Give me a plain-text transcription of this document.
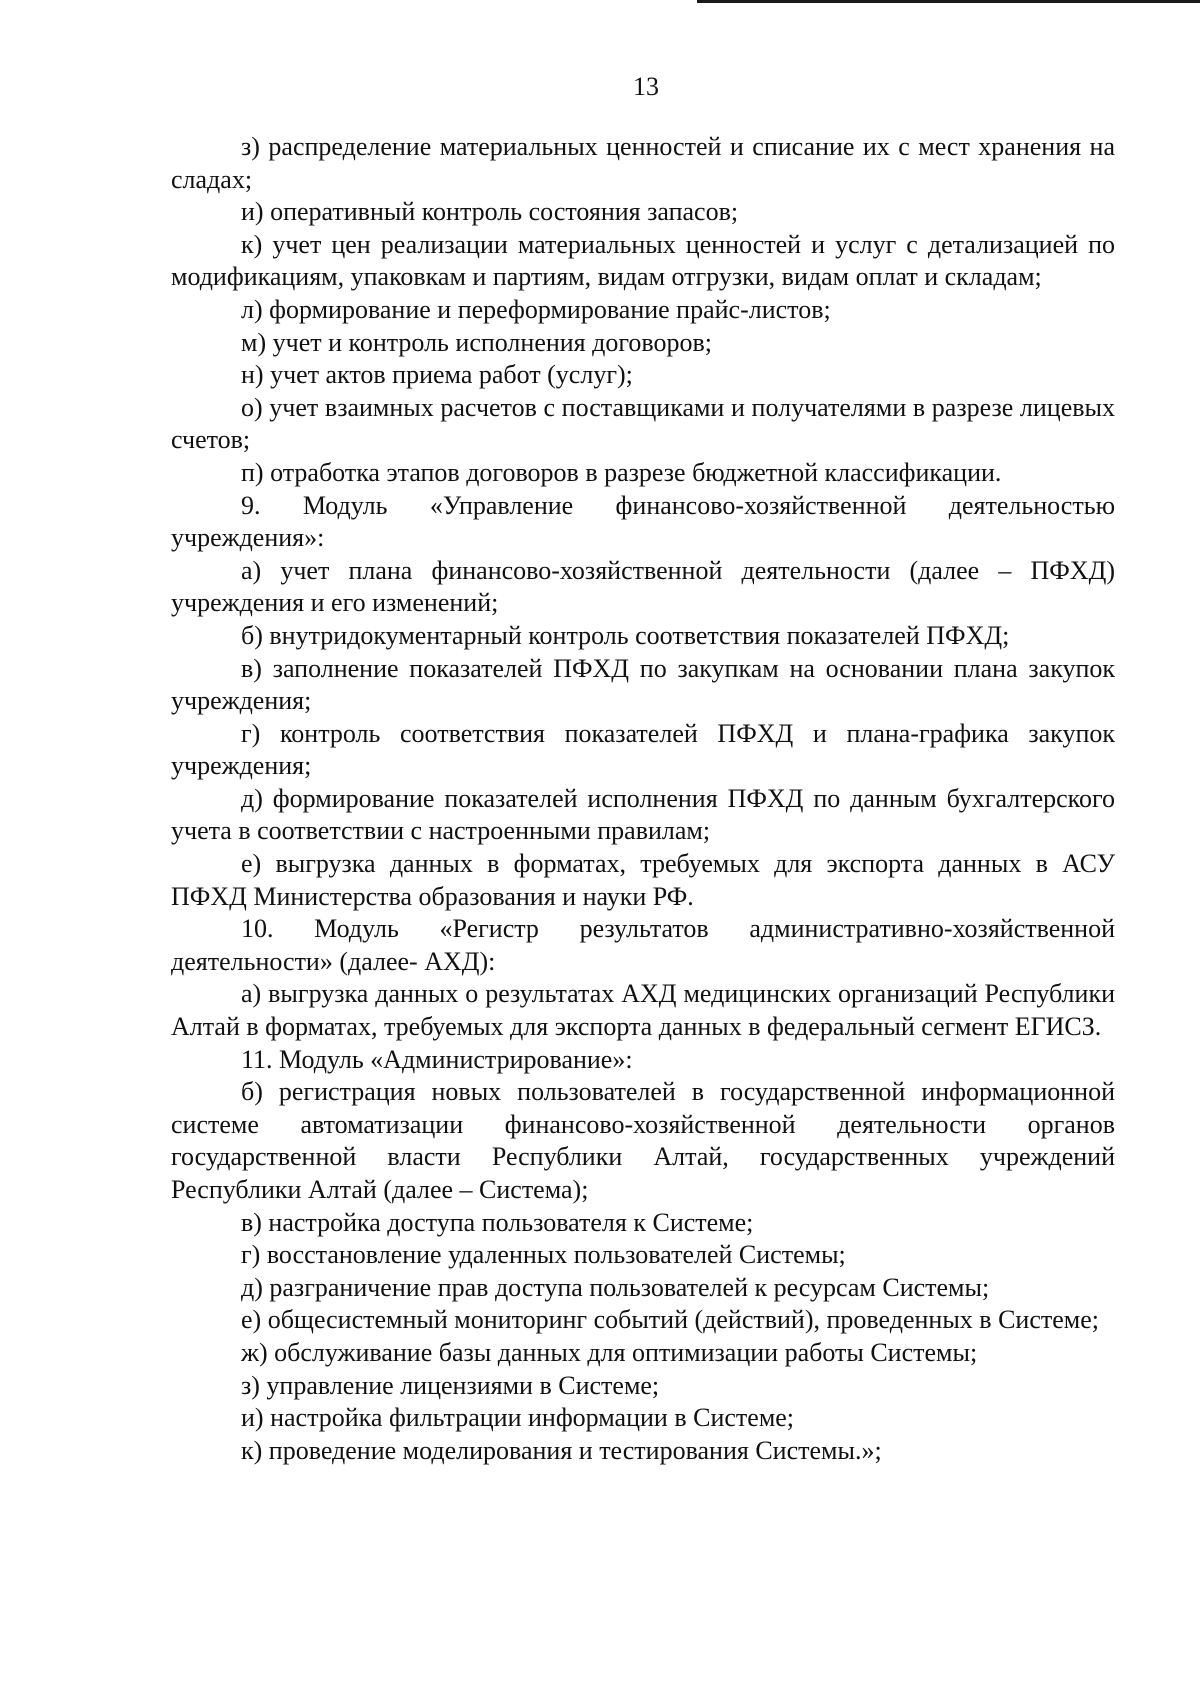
13

з) распределение материальных ценностей и списание их с мест хранения на сладах;

и) оперативный контроль состояния запасов;

к) учет цен реализации материальных ценностей и услуг с детализацией по модификациям, упаковкам и партиям, видам отгрузки, видам оплат и складам;

л) формирование и переформирование прайс-листов;

м) учет и контроль исполнения договоров;

н) учет актов приема работ (услуг);

о) учет взаимных расчетов с поставщиками и получателями в разрезе лицевых счетов;

п) отработка этапов договоров в разрезе бюджетной классификации.

9. Модуль «Управление финансово-хозяйственной деятельностью учреждения»:

а) учет плана финансово-хозяйственной деятельности (далее – ПФХД) учреждения и его изменений;

б) внутридокументарный контроль соответствия показателей ПФХД;

в) заполнение показателей ПФХД по закупкам на основании плана закупок учреждения;

г) контроль соответствия показателей ПФХД и плана-графика закупок учреждения;

д) формирование показателей исполнения ПФХД по данным бухгалтерского учета в соответствии с настроенными правилам;

е) выгрузка данных в форматах, требуемых для экспорта данных в АСУ ПФХД Министерства образования и науки РФ.

10. Модуль «Регистр результатов административно-хозяйственной деятельности» (далее- АХД):

а) выгрузка данных о результатах АХД медицинских организаций Республики Алтай в форматах, требуемых для экспорта данных в федеральный сегмент ЕГИСЗ.

11. Модуль «Администрирование»:

б) регистрация новых пользователей в государственной информационной системе автоматизации финансово-хозяйственной деятельности органов государственной власти Республики Алтай, государственных учреждений Республики Алтай (далее – Система);

в) настройка доступа пользователя к Системе;

г) восстановление удаленных пользователей Системы;

д) разграничение прав доступа пользователей к ресурсам Системы;

е) общесистемный мониторинг событий (действий), проведенных в Системе;

ж) обслуживание базы данных для оптимизации работы Системы;

з) управление лицензиями в Системе;

и) настройка фильтрации информации в Системе;

к) проведение моделирования и тестирования Системы.»;
